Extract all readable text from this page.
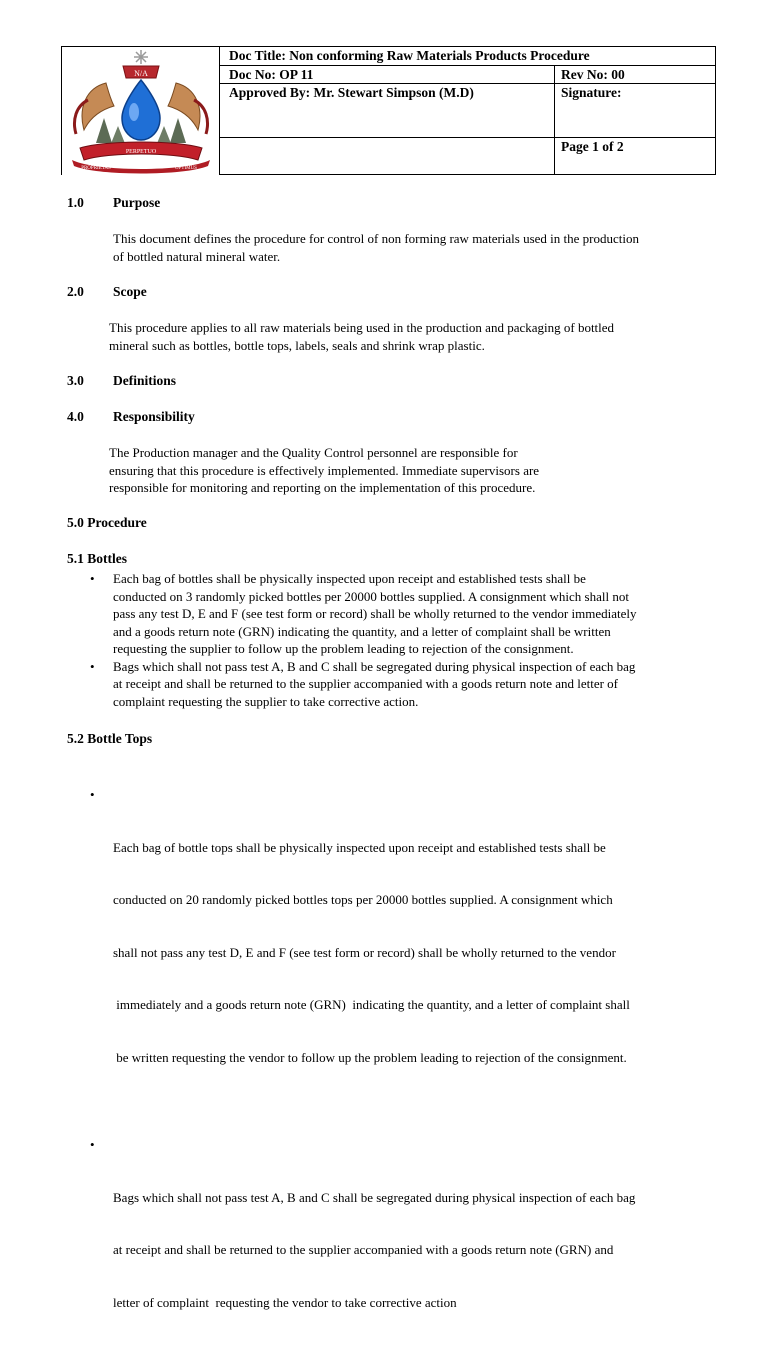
N/A
PERPETUO
PROPRIETAS	OPTIMUS
Doc Title: Non conforming Raw Materials Products Procedure
Doc No: OP 11	Rev No: 00
Approved By: Mr. Stewart Simpson (M.D)	Signature:
Page 1 of 2
1.0 Purpose
This document defines the procedure for control of non forming raw materials used in the production
of bottled natural mineral water.
2.0 Scope
This procedure applies to all raw materials being used in the production and packaging of bottled
mineral such as bottles, bottle tops, labels, seals and shrink wrap plastic.
3.0 Definitions
4.0 Responsibility
The Production manager and the Quality Control personnel are responsible for
ensuring that this procedure is effectively implemented. Immediate supervisors are
responsible for monitoring and reporting on the implementation of this procedure.
5.0 Procedure
5.1 Bottles
• Each bag of bottles shall be physically inspected upon receipt and established tests shall be
conducted on 3 randomly picked bottles per 20000 bottles supplied. A consignment which shall not
pass any test D, E and F (see test form or record) shall be wholly returned to the vendor immediately
and a goods return note (GRN) indicating the quantity, and a letter of complaint shall be written
requesting the supplier to follow up the problem leading to rejection of the consignment.
• Bags which shall not pass test A, B and C shall be segregated during physical inspection of each bag
at receipt and shall be returned to the supplier accompanied with a goods return note and letter of
complaint requesting the supplier to take corrective action.
5.2 Bottle Tops

•

Each bag of bottle tops shall be physically inspected upon receipt and established tests shall be

conducted on 20 randomly picked bottles tops per 20000 bottles supplied. A consignment which

shall not pass any test D, E and F (see test form or record) shall be wholly returned to the vendor

immediately and a goods return note (GRN)  indicating the quantity, and a letter of complaint shall

be written requesting the vendor to follow up the problem leading to rejection of the consignment.

•

Bags which shall not pass test A, B and C shall be segregated during physical inspection of each bag

at receipt and shall be returned to the supplier accompanied with a goods return note (GRN) and

letter of complaint  requesting the vendor to take corrective action
